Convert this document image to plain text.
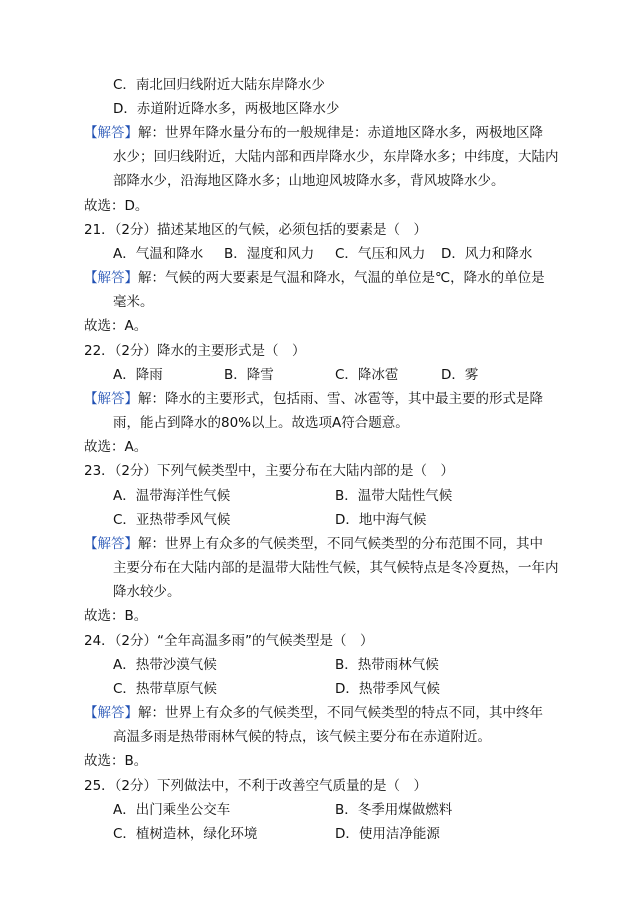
C．南北回归线附近大陆东岸降水少
D．赤道附近降水多，两极地区降水少
【解答】解：世界年降水量分布的一般规律是：赤道地区降水多，两极地区降
水少；回归线附近，大陆内部和西岸降水少，东岸降水多；中纬度，大陆内
部降水少，沿海地区降水多；山地迎风坡降水多，背风坡降水少。
故选：D。
21．（2分）描述某地区的气候，必须包括的要素是（　）
A．气温和降水 B．湿度和风力 C．气压和风力 D．风力和降水
【解答】解：气候的两大要素是气温和降水，气温的单位是℃，降水的单位是
毫米。
故选：A。
22．（2分）降水的主要形式是（　）
A．降雨	B．降雪	C．降冰雹	D．雾
【解答】解：降水的主要形式，包括雨、雪、冰雹等，其中最主要的形式是降
雨，能占到降水的80%以上。故选项A符合题意。
故选：A。
23．（2分）下列气候类型中，主要分布在大陆内部的是（　）
A．温带海洋性气候	B．温带大陆性气候
C．亚热带季风气候	D．地中海气候
【解答】解：世界上有众多的气候类型，不同气候类型的分布范围不同，其中
主要分布在大陆内部的是温带大陆性气候，其气候特点是冬冷夏热，一年内
降水较少。
故选：B。
24．（2分）“全年高温多雨”的气候类型是（　）
A．热带沙漠气候	B．热带雨林气候
C．热带草原气候	D．热带季风气候
【解答】解：世界上有众多的气候类型，不同气候类型的特点不同，其中终年
高温多雨是热带雨林气候的特点，该气候主要分布在赤道附近。
故选：B。
25．（2分）下列做法中，不利于改善空气质量的是（　）
A．出门乘坐公交车	B．冬季用煤做燃料
C．植树造林，绿化环境	D．使用洁净能源
